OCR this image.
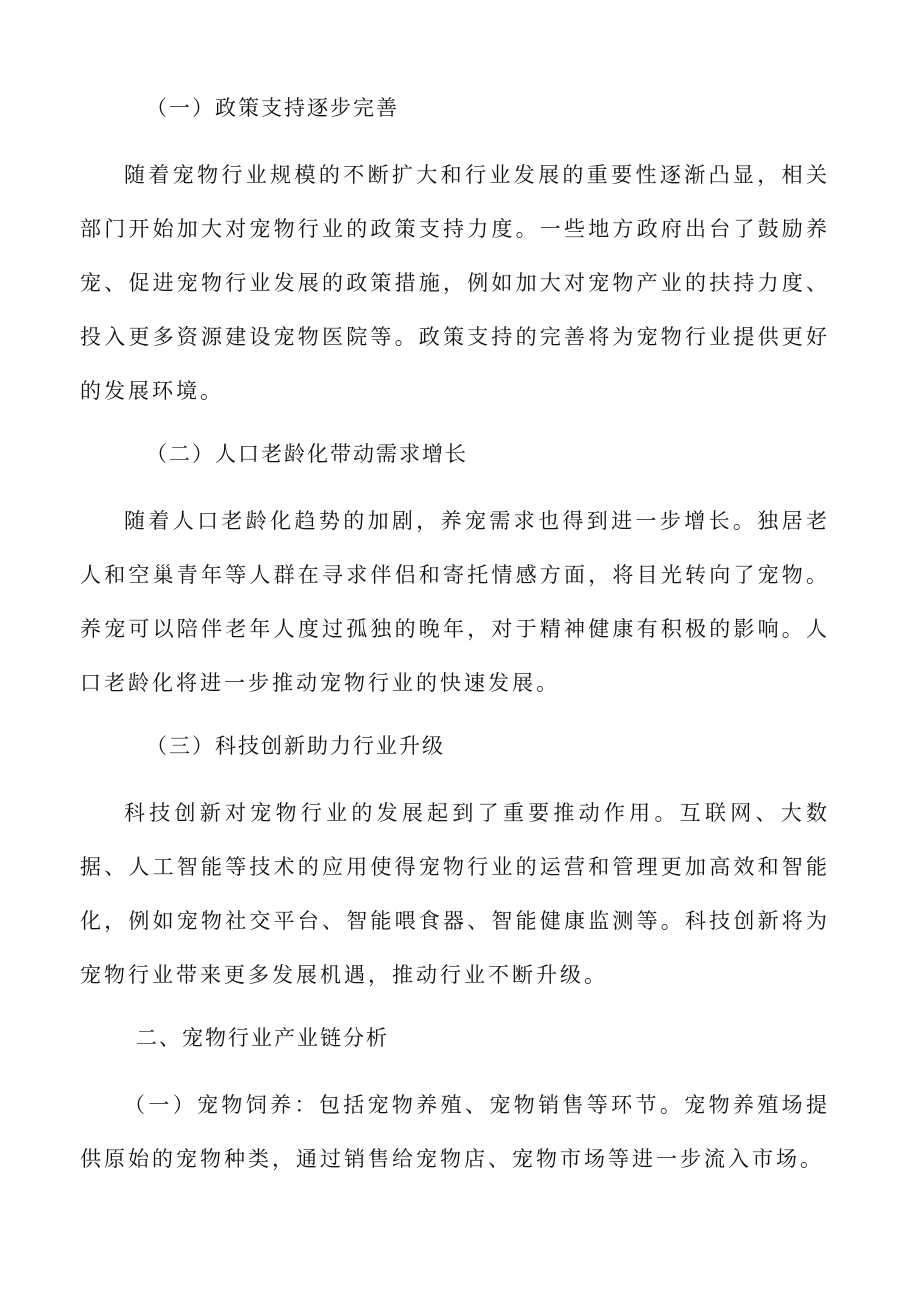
（一）政策支持逐步完善

随着宠物行业规模的不断扩大和行业发展的重要性逐渐凸显，相关部门开始加大对宠物行业的政策支持力度。一些地方政府出台了鼓励养宠、促进宠物行业发展的政策措施，例如加大对宠物产业的扶持力度、投入更多资源建设宠物医院等。政策支持的完善将为宠物行业提供更好的发展环境。

（二）人口老龄化带动需求增长

随着人口老龄化趋势的加剧，养宠需求也得到进一步增长。独居老人和空巢青年等人群在寻求伴侣和寄托情感方面，将目光转向了宠物。养宠可以陪伴老年人度过孤独的晚年，对于精神健康有积极的影响。人口老龄化将进一步推动宠物行业的快速发展。

（三）科技创新助力行业升级

科技创新对宠物行业的发展起到了重要推动作用。互联网、大数据、人工智能等技术的应用使得宠物行业的运营和管理更加高效和智能化，例如宠物社交平台、智能喂食器、智能健康监测等。科技创新将为宠物行业带来更多发展机遇，推动行业不断升级。

二、宠物行业产业链分析

（一）宠物饲养：包括宠物养殖、宠物销售等环节。宠物养殖场提供原始的宠物种类，通过销售给宠物店、宠物市场等进一步流入市场。
